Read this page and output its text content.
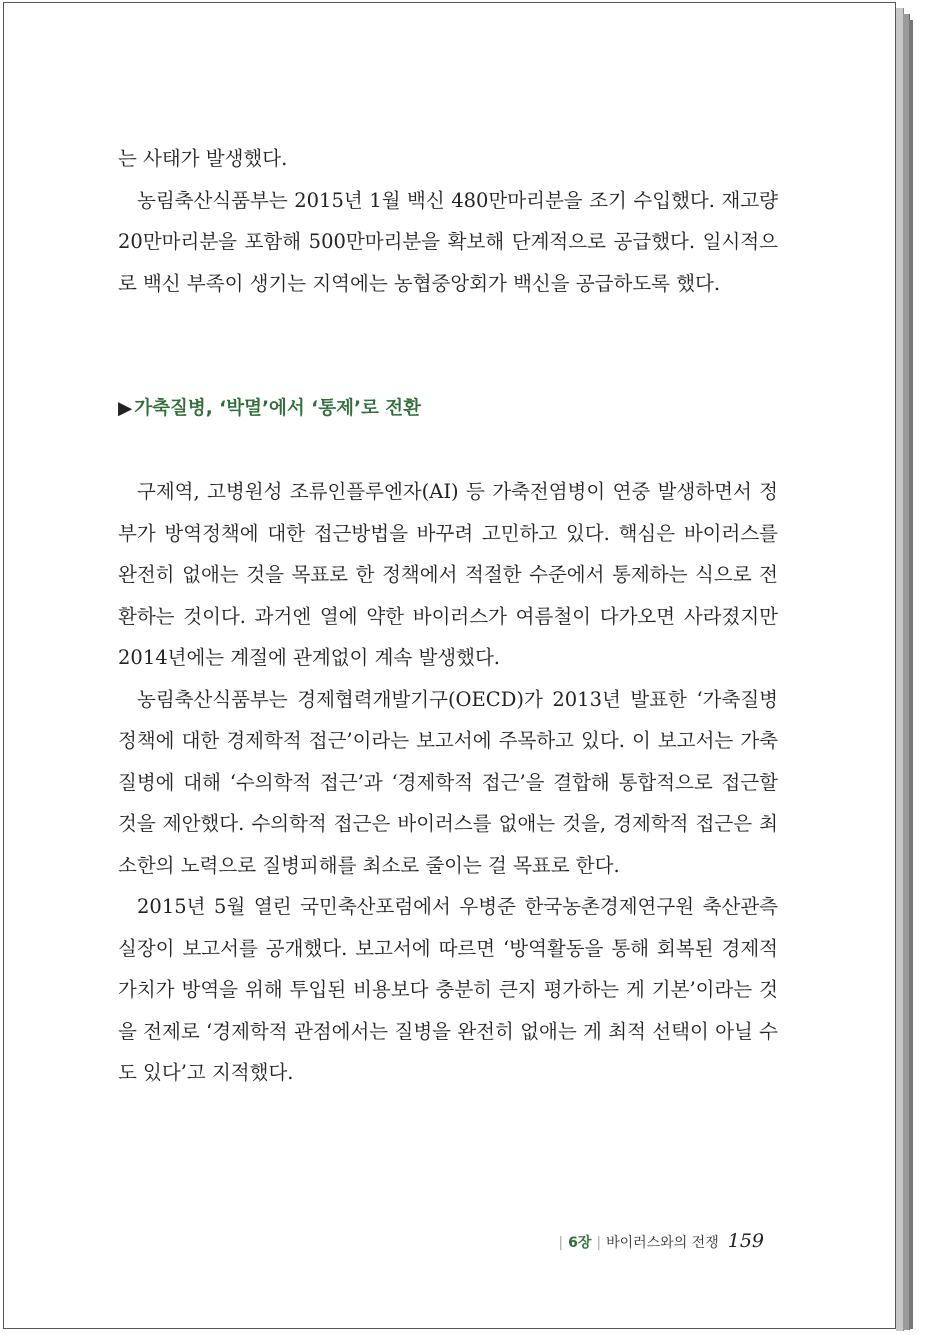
는 사태가 발생했다.

농림축산식품부는 2015년 1월 백신 480만마리분을 조기 수입했다. 재고량 20만마리분을 포함해 500만마리분을 확보해 단계적으로 공급했다. 일시적으로 백신 부족이 생기는 지역에는 농협중앙회가 백신을 공급하도록 했다.

▶ 가축질병, ‘박멸’에서 ‘통제’로 전환

구제역, 고병원성 조류인플루엔자(AI) 등 가축전염병이 연중 발생하면서 정부가 방역정책에 대한 접근방법을 바꾸려 고민하고 있다. 핵심은 바이러스를 완전히 없애는 것을 목표로 한 정책에서 적절한 수준에서 통제하는 식으로 전환하는 것이다. 과거엔 열에 약한 바이러스가 여름철이 다가오면 사라졌지만 2014년에는 계절에 관계없이 계속 발생했다.

농림축산식품부는 경제협력개발기구(OECD)가 2013년 발표한 ‘가축질병 정책에 대한 경제학적 접근’이라는 보고서에 주목하고 있다. 이 보고서는 가축질병에 대해 ‘수의학적 접근’과 ‘경제학적 접근’을 결합해 통합적으로 접근할 것을 제안했다. 수의학적 접근은 바이러스를 없애는 것을, 경제학적 접근은 최소한의 노력으로 질병피해를 최소로 줄이는 걸 목표로 한다.

2015년 5월 열린 국민축산포럼에서 우병준 한국농촌경제연구원 축산관측실장이 보고서를 공개했다. 보고서에 따르면 ‘방역활동을 통해 회복된 경제적 가치가 방역을 위해 투입된 비용보다 충분히 큰지 평가하는 게 기본’이라는 것을 전제로 ‘경제학적 관점에서는 질병을 완전히 없애는 게 최적 선택이 아닐 수도 있다’고 지적했다.

| 6장 | 바이러스와의 전쟁 159
